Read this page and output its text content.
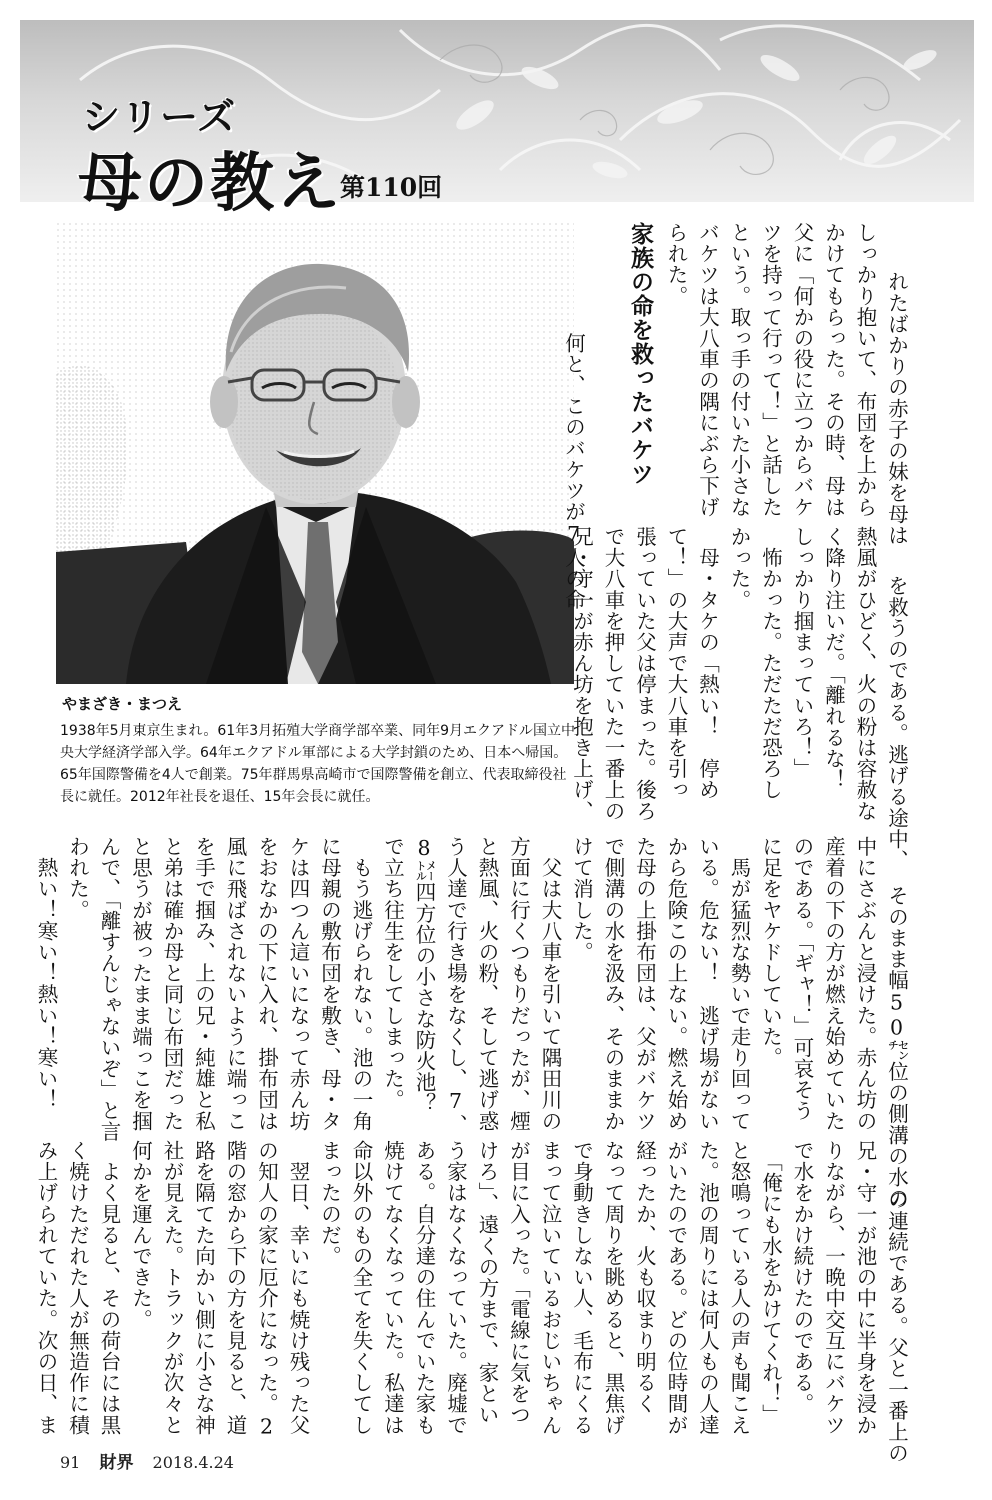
シリーズ
母の教え
第110回

やまざき・まつえ

1938年5月東京生まれ。61年3月拓殖大学商学部卒業、同年9月エクアドル国立中央大学経済学部入学。64年エクアドル軍部による大学封鎖のため、日本へ帰国。65年国際警備を4人で創業。75年群馬県高崎市で国際警備を創立、代表取締役社長に就任。2012年社長を退任、15年会長に就任。

れたばかりの赤子の妹を母は
しっかり抱いて、布団を上から
かけてもらった。その時、母は
父に「何かの役に立つからバケ
ツを持って行って！」と話した
という。取っ手の付いた小さな
バケツは大八車の隅にぶら下げ
られた。

家族の命を救ったバケツ

　何と、このバケツが7人の命

を救うのである。逃げる途中、
熱風がひどく、火の粉は容赦な
く降り注いだ。「離れるな！
しっかり掴まっていろ！」
　怖かった。ただただ恐ろし
かった。
　母・タケの「熱い！　停め
て！」の大声で大八車を引っ
張っていた父は停まった。後ろ
で大八車を押していた一番上の
兄・守一が赤ん坊を抱き上げ、

そのまま幅50㌢位の側溝の水の
中にさぶんと浸けた。赤ん坊の
産着の下の方が燃え始めていた
のである。「ギャ！」可哀そう
に足をヤケドしていた。
　馬が猛烈な勢いで走り回って
いる。危ない！　逃げ場がない
から危険この上ない。燃え始め
た母の上掛布団は、父がバケツ
で側溝の水を汲み、そのままか
けて消した。
　父は大八車を引いて隅田川の
方面に行くつもりだったが、煙
と熱風、火の粉、そして逃げ惑
う人達で行き場をなくし、7、
8㍍四方位の小さな防火池？
で立ち往生をしてしまった。
　もう逃げられない。池の一角
に母親の敷布団を敷き、母・タ
ケは四つん這いになって赤ん坊
をおなかの下に入れ、掛布団は
風に飛ばされないように端っこ
を手で掴み、上の兄・純雄と私
と弟は確か母と同じ布団だった
と思うが被ったまま端っこを掴
んで、「離すんじゃないぞ」と言
われた。
　熱い！寒い！熱い！寒い！

の連続である。父と一番上の
兄・守一が池の中に半身を浸か
りながら、一晩中交互にバケツ
で水をかけ続けたのである。
　「俺にも水をかけてくれ！」
と怒鳴っている人の声も聞こえ
た。池の周りには何人もの人達
がいたのである。どの位時間が
経ったか、火も収まり明るく
なって周りを眺めると、黒焦げ
で身動きしない人、毛布にくる
まって泣いているおじいちゃん
が目に入った。「電線に気をつ
けろ」、遠くの方まで、家とい
う家はなくなっていた。廃墟で
ある。自分達の住んでいた家も
焼けてなくなっていた。私達は
命以外のもの全てを失くしてし
まったのだ。
　翌日、幸いにも焼け残った父
の知人の家に厄介になった。2
階の窓から下の方を見ると、道
路を隔てた向かい側に小さな神
社が見えた。トラックが次々と
何かを運んできた。
　よく見ると、その荷台には黒
く焼けただれた人が無造作に積
み上げられていた。次の日、ま

91 財界 2018.4.24
